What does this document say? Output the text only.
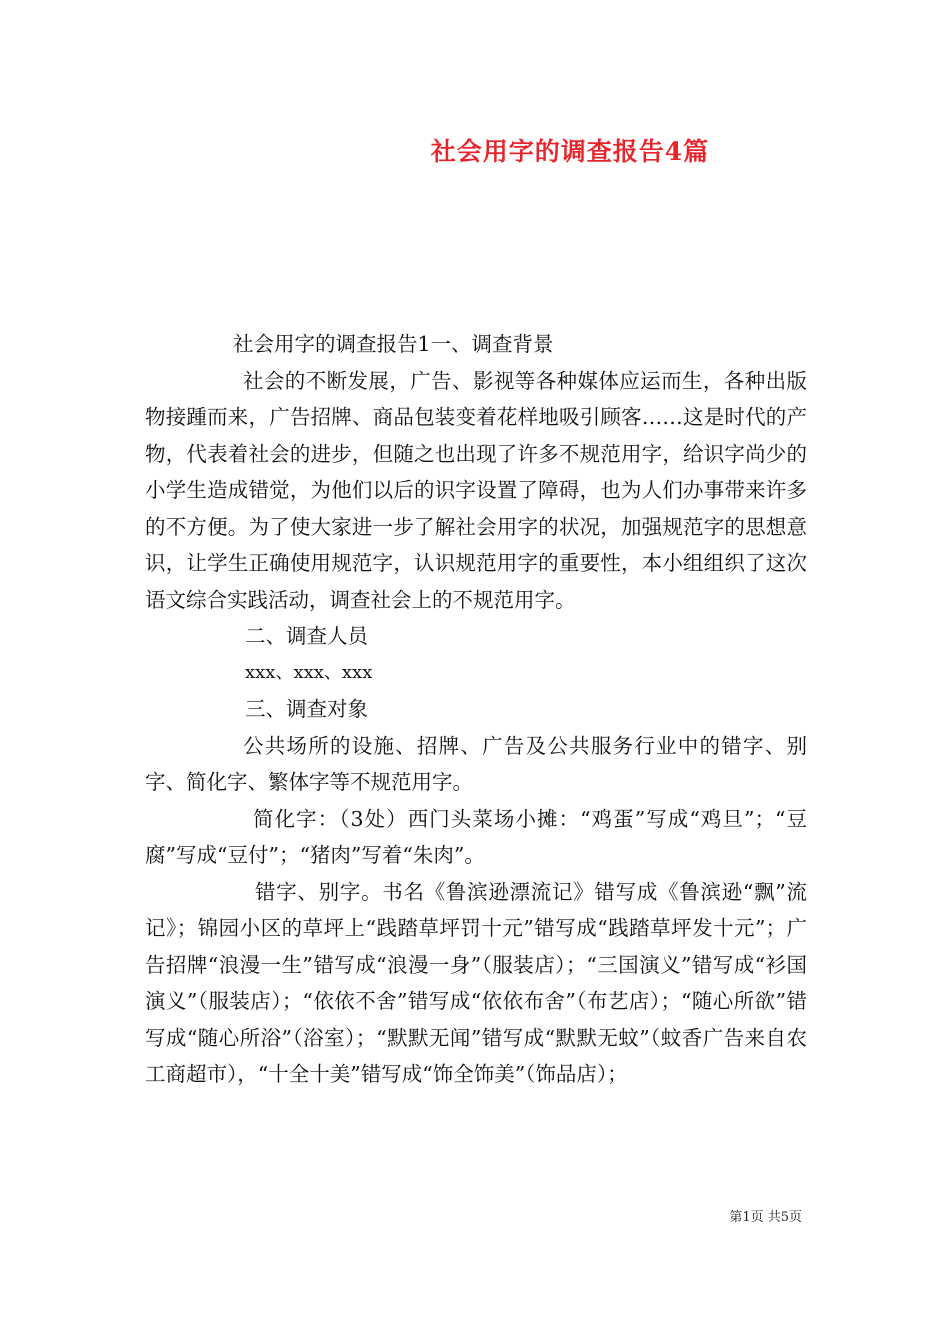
社会用字的调查报告4篇

社会用字的调查报告1一、调查背景

社会的不断发展，广告、影视等各种媒体应运而生，各种出版物接踵而来，广告招牌、商品包装变着花样地吸引顾客……这是时代的产物，代表着社会的进步，但随之也出现了许多不规范用字，给识字尚少的小学生造成错觉，为他们以后的识字设置了障碍，也为人们办事带来许多的不方便。为了使大家进一步了解社会用字的状况，加强规范字的思想意识，让学生正确使用规范字，认识规范用字的重要性，本小组组织了这次语文综合实践活动，调查社会上的不规范用字。

二、调查人员

xxx、xxx、xxx

三、调查对象

公共场所的设施、招牌、广告及公共服务行业中的错字、别字、简化字、繁体字等不规范用字。

简化字：（3处）西门头菜场小摊：“鸡蛋”写成“鸡旦”；“豆腐”写成“豆付”；“猪肉”写着“朱肉”。

错字、别字。书名《鲁滨逊漂流记》错写成《鲁滨逊“飘”流记》；锦园小区的草坪上“践踏草坪罚十元”错写成“践踏草坪发十元”；广告招牌“浪漫一生”错写成“浪漫一身”（服装店）；“三国演义”错写成“衫国演义”（服装店）；“依依不舍”错写成“依依布舍”（布艺店）；“随心所欲”错写成“随心所浴”（浴室）；“默默无闻”错写成“默默无蚊”（蚊香广告来自农工商超市），“十全十美”错写成“饰全饰美”（饰品店）；

第1页 共5页
